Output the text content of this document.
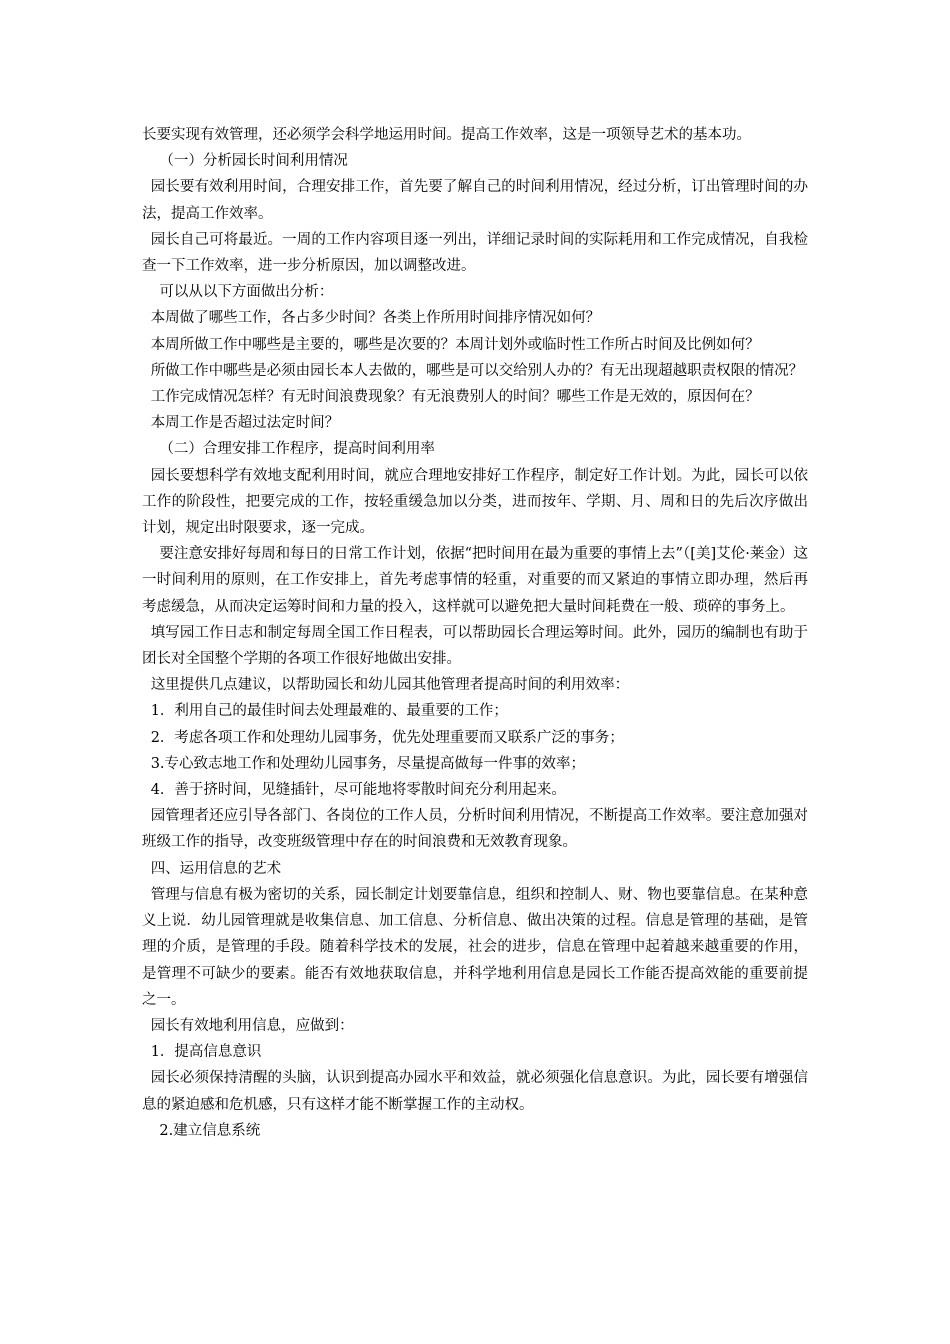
长要实现有效管理，还必须学会科学地运用时间。提高工作效率，这是一项领导艺术的基本功。

（一）分析园长时间利用情况

园长要有效利用时间，合理安排工作，首先要了解自己的时间利用情况，经过分析，订出管理时间的办法，提高工作效率。

园长自己可将最近。一周的工作内容项目逐一列出，详细记录时间的实际耗用和工作完成情况，自我检查一下工作效率，进一步分析原因，加以调整改进。

可以从以下方面做出分析：

本周做了哪些工作，各占多少时间？各类上作所用时间排序情况如何？

本周所做工作中哪些是主要的，哪些是次要的？本周计划外或临时性工作所占时间及比例如何？

所做工作中哪些是必须由园长本人去做的，哪些是可以交给别人办的？有无出现超越职责权限的情况？

工作完成情况怎样？有无时间浪费现象？有无浪费别人的时间？哪些工作是无效的，原因何在？

本周工作是否超过法定时间？

（二）合理安排工作程序，提高时间利用率

园长要想科学有效地支配利用时间，就应合理地安排好工作程序，制定好工作计划。为此，园长可以依工作的阶段性，把要完成的工作，按轻重缓急加以分类，进而按年、学期、月、周和日的先后次序做出计划，规定出时限要求，逐一完成。

要注意安排好每周和每日的日常工作计划，依据“把时间用在最为重要的事情上去”（[美]艾伦·莱金）这一时间利用的原则，在工作安排上，首先考虑事情的轻重，对重要的而又紧迫的事情立即办理，然后再考虑缓急，从而决定运筹时间和力量的投入，这样就可以避免把大量时间耗费在一般、琐碎的事务上。

填写园工作日志和制定每周全国工作日程表，可以帮助园长合理运筹时间。此外，园历的编制也有助于团长对全国整个学期的各项工作很好地做出安排。

这里提供几点建议，以帮助园长和幼儿园其他管理者提高时间的利用效率：

1．利用自己的最佳时间去处理最难的、最重要的工作；

2．考虑各项工作和处理幼儿园事务，优先处理重要而又联系广泛的事务；

3.专心致志地工作和处理幼儿园事务，尽量提高做每一件事的效率；

4．善于挤时间，见缝插针，尽可能地将零散时间充分利用起来。

园管理者还应引导各部门、各岗位的工作人员，分析时间利用情况，不断提高工作效率。要注意加强对班级工作的指导，改变班级管理中存在的时间浪费和无效教育现象。

四、运用信息的艺术

管理与信息有极为密切的关系，园长制定计划要靠信息，组织和控制人、财、物也要靠信息。在某种意义上说．幼儿园管理就是收集信息、加工信息、分析信息、做出决策的过程。信息是管理的基础，是管理的介质，是管理的手段。随着科学技术的发展，社会的进步，信息在管理中起着越来越重要的作用，是管理不可缺少的要素。能否有效地获取信息，并科学地利用信息是园长工作能否提高效能的重要前提之一。

园长有效地利用信息，应做到：

1．提高信息意识

园长必须保持清醒的头脑，认识到提高办园水平和效益，就必须强化信息意识。为此，园长要有增强信息的紧迫感和危机感，只有这样才能不断掌握工作的主动权。

2.建立信息系统
